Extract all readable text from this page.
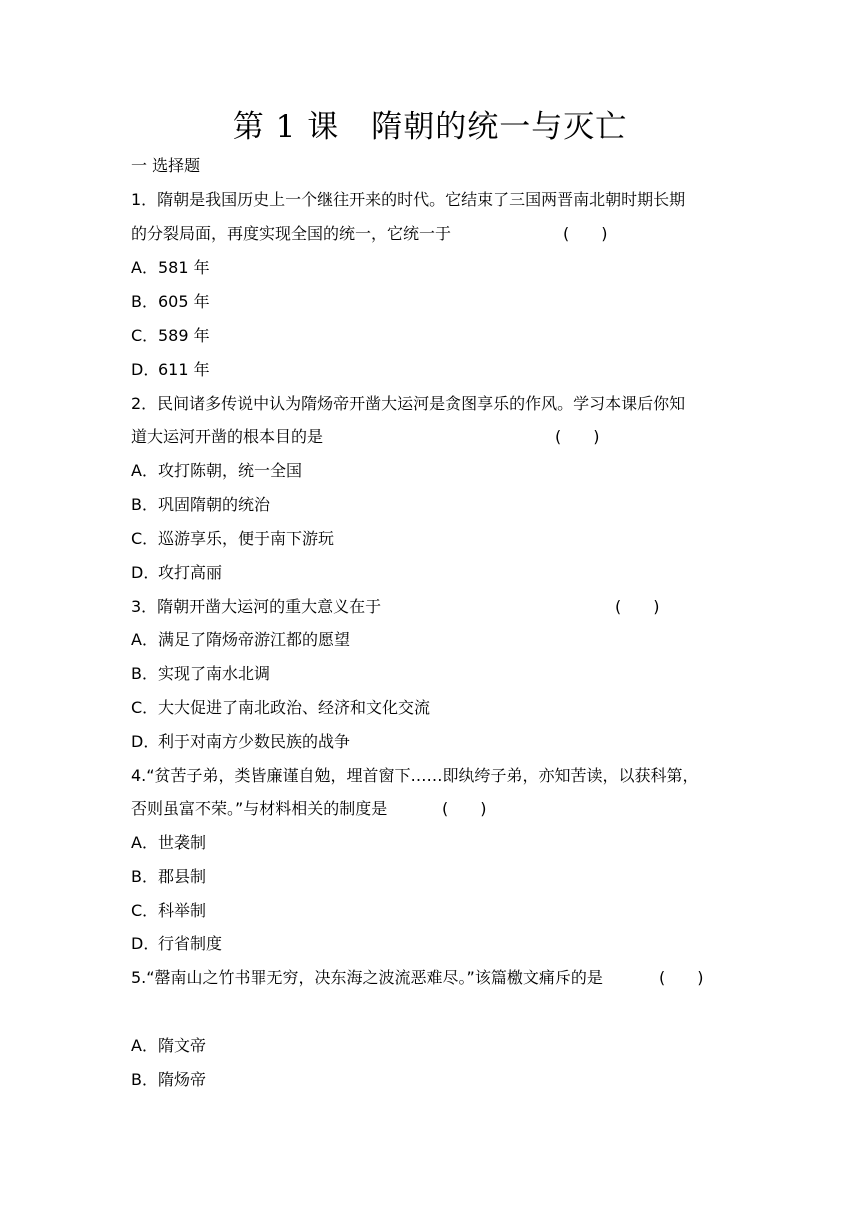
第 1 课　隋朝的统一与灭亡
一 选择题
1．隋朝是我国历史上一个继往开来的时代。它结束了三国两晋南北朝时期长期
的分裂局面，再度实现全国的统一，它统一于	(　　)
A．581 年
B．605 年
C．589 年
D．611 年
2．民间诸多传说中认为隋炀帝开凿大运河是贪图享乐的作风。学习本课后你知
道大运河开凿的根本目的是	(　　)
A．攻打陈朝，统一全国
B．巩固隋朝的统治
C．巡游享乐，便于南下游玩
D．攻打高丽
3．隋朝开凿大运河的重大意义在于	(　　)
A．满足了隋炀帝游江都的愿望
B．实现了南水北调
C．大大促进了南北政治、经济和文化交流
D．利于对南方少数民族的战争
4.“贫苦子弟，类皆廉谨自勉，埋首窗下……即纨绔子弟，亦知苦读，以获科第，
否则虽富不荣。”与材料相关的制度是	(　　)
A．世袭制
B．郡县制
C．科举制
D．行省制度
5.“罄南山之竹书罪无穷，决东海之波流恶难尽。”该篇檄文痛斥的是	(　　)
A．隋文帝
B．隋炀帝
